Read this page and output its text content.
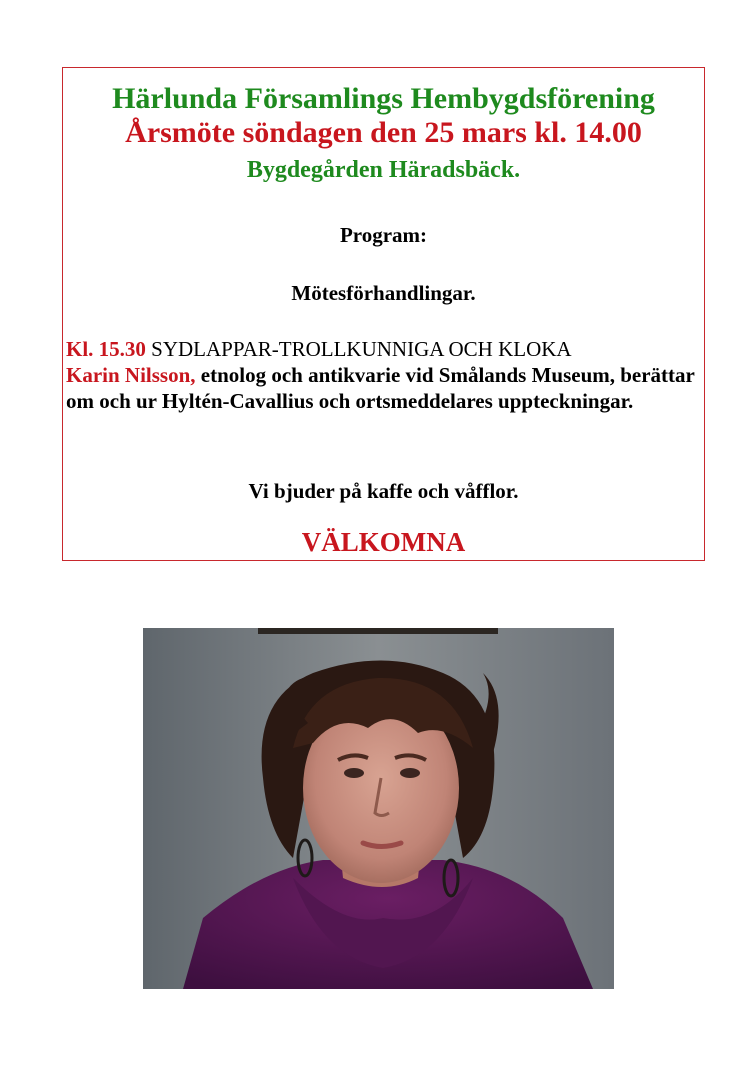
Härlunda Församlings Hembygdsförening

Årsmöte söndagen den 25 mars kl. 14.00

Bygdegården Häradsbäck.

Program:

Mötesförhandlingar.

Kl. 15.30 SYDLAPPAR-TROLLKUNNIGA OCH KLOKA
Karin Nilsson, etnolog och antikvarie vid Smålands Museum, berättar om och ur Hyltén-Cavallius och ortsmeddelares uppteckningar.

Vi bjuder på kaffe och våfflor.

VÄLKOMNA
